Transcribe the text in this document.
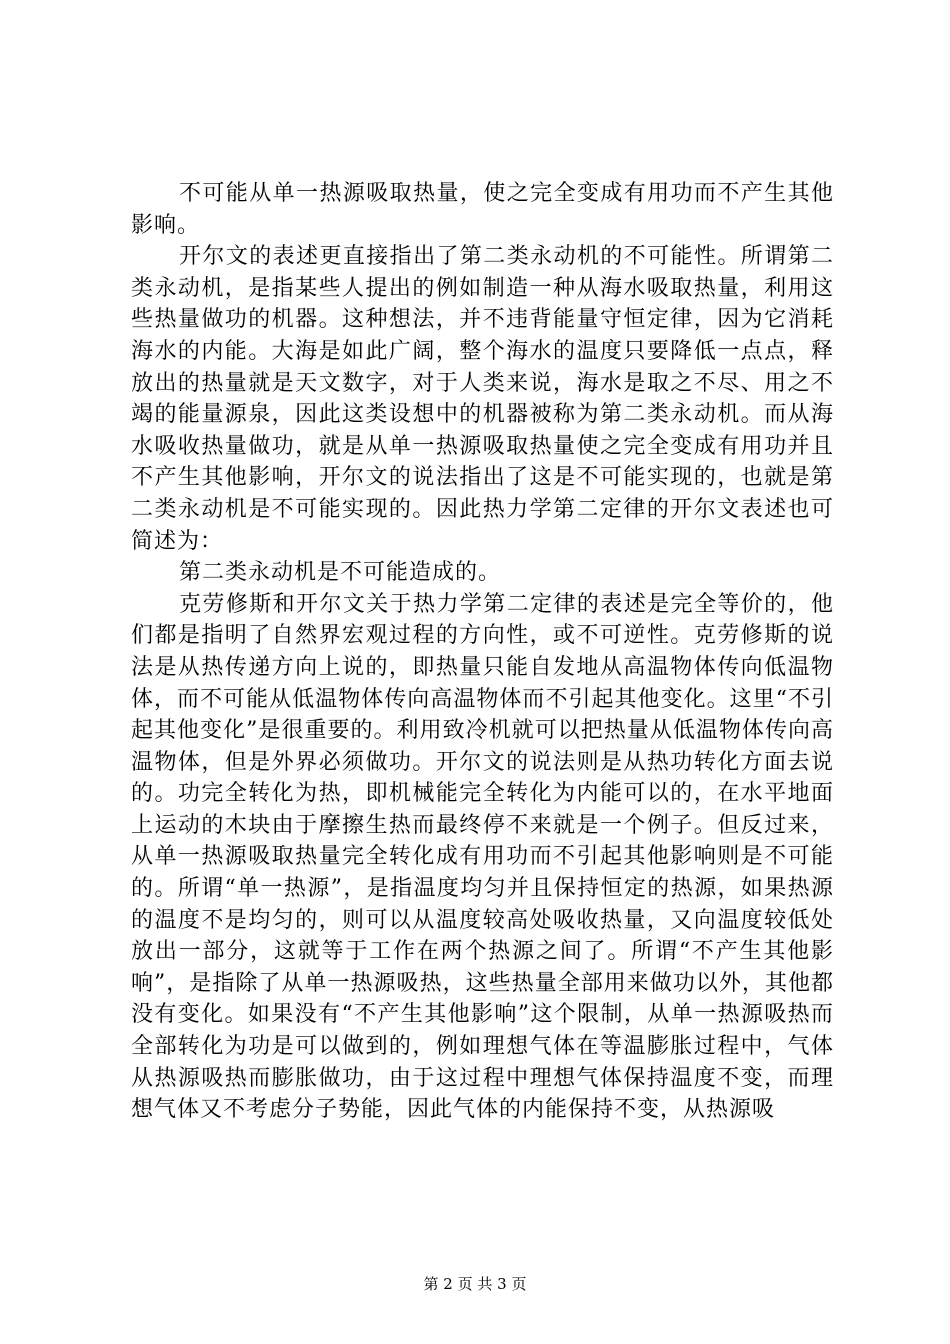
不可能从单一热源吸取热量，使之完全变成有用功而不产生其他影响。

开尔文的表述更直接指出了第二类永动机的不可能性。所谓第二类永动机，是指某些人提出的例如制造一种从海水吸取热量，利用这些热量做功的机器。这种想法，并不违背能量守恒定律，因为它消耗海水的内能。大海是如此广阔，整个海水的温度只要降低一点点，释放出的热量就是天文数字，对于人类来说，海水是取之不尽、用之不竭的能量源泉，因此这类设想中的机器被称为第二类永动机。而从海水吸收热量做功，就是从单一热源吸取热量使之完全变成有用功并且不产生其他影响，开尔文的说法指出了这是不可能实现的，也就是第二类永动机是不可能实现的。因此热力学第二定律的开尔文表述也可简述为：

第二类永动机是不可能造成的。

克劳修斯和开尔文关于热力学第二定律的表述是完全等价的，他们都是指明了自然界宏观过程的方向性，或不可逆性。克劳修斯的说法是从热传递方向上说的，即热量只能自发地从高温物体传向低温物体，而不可能从低温物体传向高温物体而不引起其他变化。这里“不引起其他变化”是很重要的。利用致冷机就可以把热量从低温物体传向高温物体，但是外界必须做功。开尔文的说法则是从热功转化方面去说的。功完全转化为热，即机械能完全转化为内能可以的，在水平地面上运动的木块由于摩擦生热而最终停不来就是一个例子。但反过来，从单一热源吸取热量完全转化成有用功而不引起其他影响则是不可能的。所谓“单一热源”，是指温度均匀并且保持恒定的热源，如果热源的温度不是均匀的，则可以从温度较高处吸收热量，又向温度较低处放出一部分，这就等于工作在两个热源之间了。所谓“不产生其他影响”，是指除了从单一热源吸热，这些热量全部用来做功以外，其他都没有变化。如果没有“不产生其他影响”这个限制，从单一热源吸热而全部转化为功是可以做到的，例如理想气体在等温膨胀过程中，气体从热源吸热而膨胀做功，由于这过程中理想气体保持温度不变，而理想气体又不考虑分子势能，因此气体的内能保持不变，从热源吸

第 2 页 共 3 页
